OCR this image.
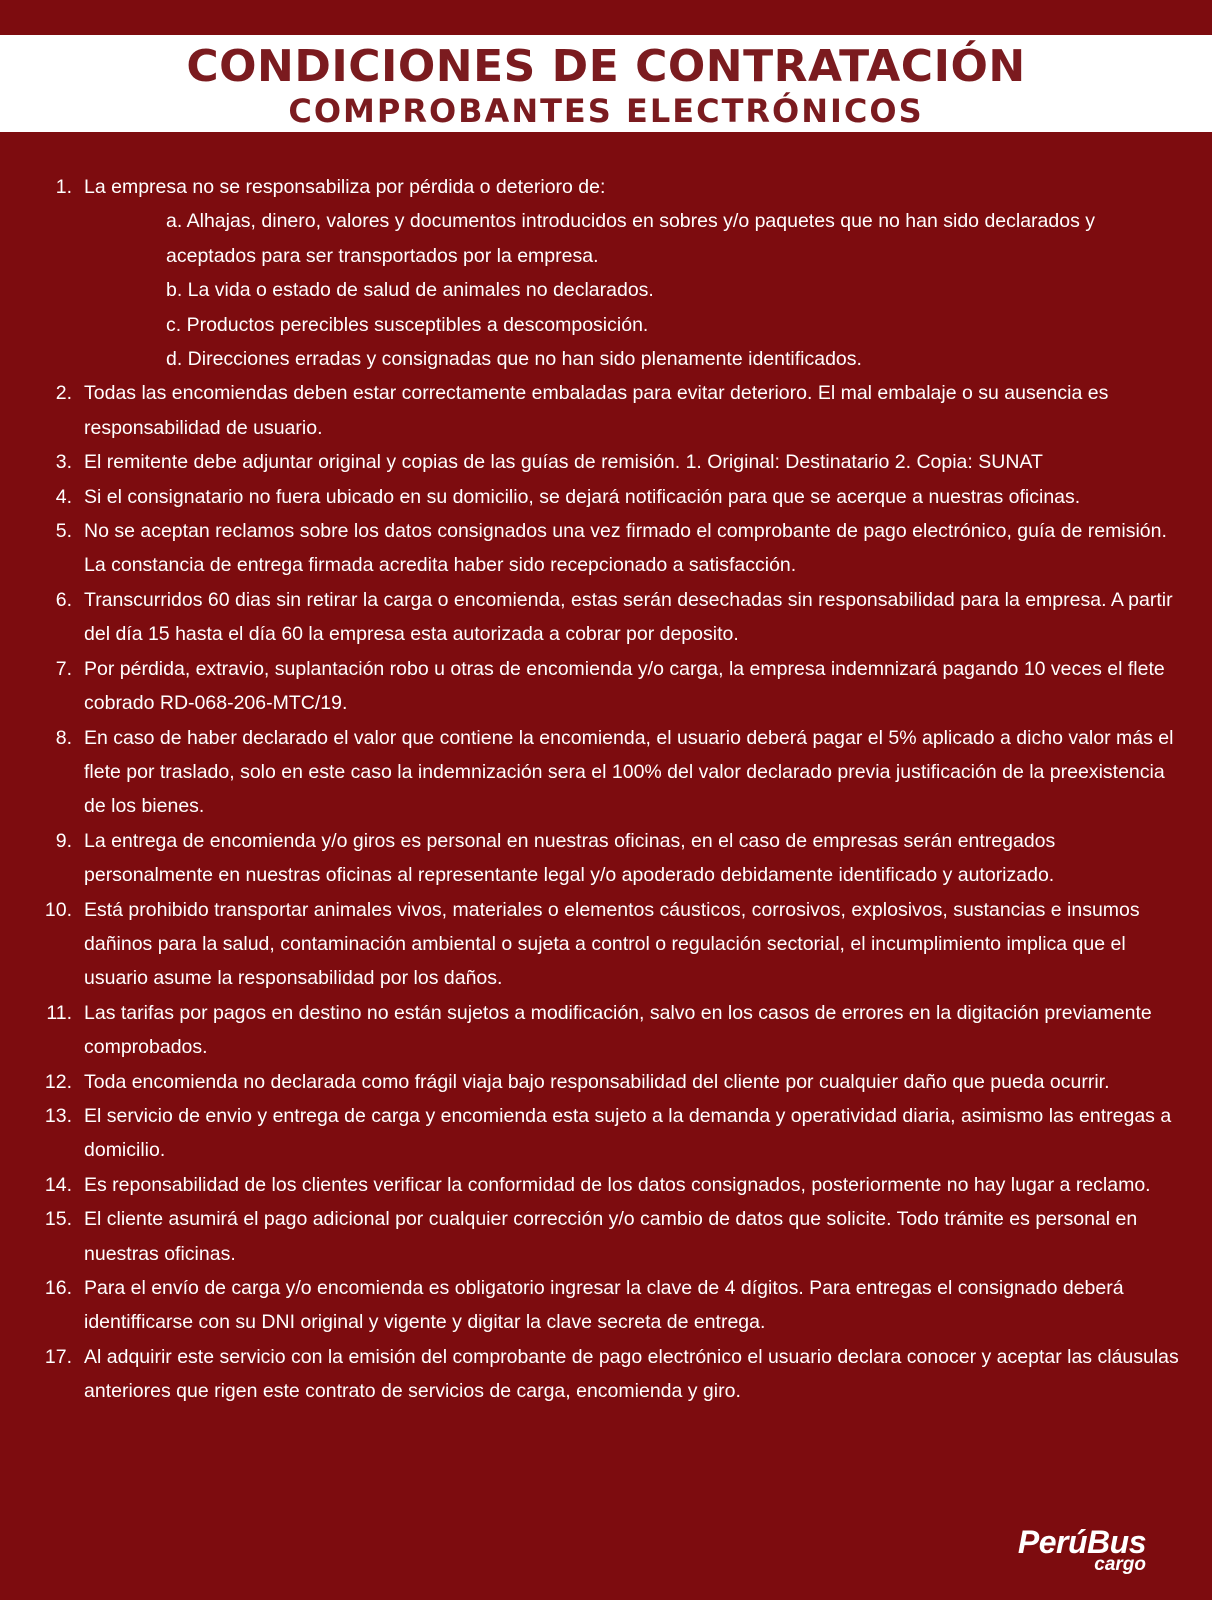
CONDICIONES DE CONTRATACIÓN
COMPROBANTES ELECTRÓNICOS
1. La empresa no se responsabiliza por pérdida o deterioro de:
a. Alhajas, dinero, valores y documentos introducidos en sobres y/o paquetes que no han sido declarados y aceptados para ser transportados por la empresa.
b. La vida o estado de salud de animales no declarados.
c. Productos perecibles susceptibles a descomposición.
d. Direcciones erradas y consignadas que no han sido plenamente identificados.
2. Todas las encomiendas deben estar correctamente embaladas para evitar deterioro. El mal embalaje o su ausencia es responsabilidad de usuario.
3. El remitente debe adjuntar original y copias de las guías de remisión. 1. Original: Destinatario 2. Copia: SUNAT
4. Si el consignatario no fuera ubicado en su domicilio, se dejará notificación para que se acerque a nuestras oficinas.
5. No se aceptan reclamos sobre los datos consignados una vez firmado el comprobante de pago electrónico, guía de remisión. La constancia de entrega firmada acredita haber sido recepcionado a satisfacción.
6. Transcurridos 60 dias sin retirar la carga o encomienda, estas serán desechadas sin responsabilidad para la empresa. A partir del día 15 hasta el día 60 la empresa esta autorizada a cobrar por deposito.
7. Por pérdida, extravio, suplantación robo u otras de encomienda y/o carga, la empresa indemnizará pagando 10 veces el flete cobrado RD-068-206-MTC/19.
8. En caso de haber declarado el valor que contiene la encomienda, el usuario deberá pagar el 5% aplicado a dicho valor más el flete por traslado, solo en este caso la indemnización sera el 100% del valor declarado previa justificación de la preexistencia de los bienes.
9. La entrega de encomienda y/o giros es personal en nuestras oficinas, en el caso de empresas serán entregados personalmente en nuestras oficinas al representante legal y/o apoderado debidamente identificado y autorizado.
10. Está prohibido transportar animales vivos, materiales o elementos cáusticos, corrosivos, explosivos, sustancias e insumos dañinos para la salud, contaminación ambiental o sujeta a control o regulación sectorial, el incumplimiento implica que el usuario asume la responsabilidad por los daños.
11. Las tarifas por pagos en destino no están sujetos a modificación, salvo en los casos de errores en la digitación previamente comprobados.
12. Toda encomienda no declarada como frágil viaja bajo responsabilidad del cliente por cualquier daño que pueda ocurrir.
13. El servicio de envio y entrega de carga y encomienda esta sujeto a la demanda y operatividad diaria, asimismo las entregas a domicilio.
14. Es reponsabilidad de los clientes verificar la conformidad de los datos consignados, posteriormente no hay lugar a reclamo.
15. El cliente asumirá el pago adicional por cualquier corrección y/o cambio de datos que solicite. Todo trámite es personal en nuestras oficinas.
16. Para el envío de carga y/o encomienda es obligatorio ingresar la clave de 4 dígitos. Para entregas el consignado deberá identifficarse con su DNI original y vigente y digitar la clave secreta de entrega.
17. Al adquirir este servicio con la emisión del comprobante de pago electrónico el usuario declara conocer y aceptar las cláusulas anteriores que rigen este contrato de servicios de carga, encomienda y giro.
PerúBus
cargo
